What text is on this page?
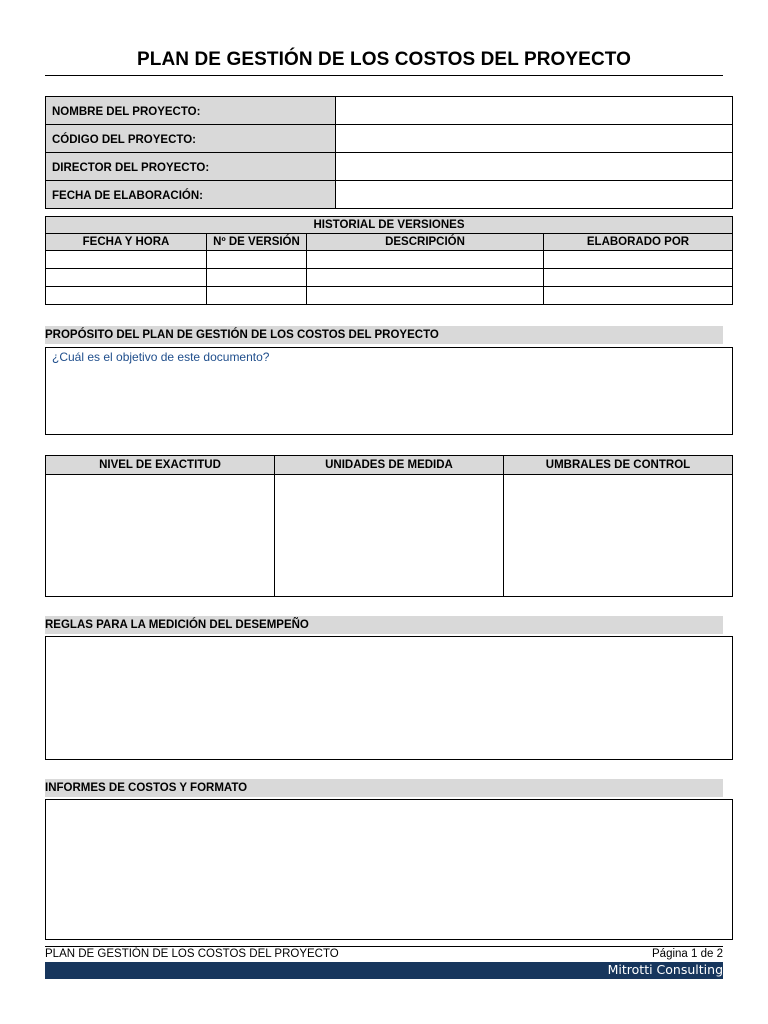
PLAN DE GESTIÓN DE LOS COSTOS DEL PROYECTO
NOMBRE DEL PROYECTO:	
CÓDIGO DEL PROYECTO:	
DIRECTOR DEL PROYECTO:	
FECHA DE ELABORACIÓN:	
HISTORIAL DE VERSIONES			
FECHA Y HORA	Nº DE VERSIÓN	DESCRIPCIÓN	ELABORADO POR

PROPÓSITO DEL PLAN DE GESTIÓN DE LOS COSTOS DEL PROYECTO
¿Cuál es el objetivo de este documento?
NIVEL DE EXACTITUD	UNIDADES DE MEDIDA	UMBRALES DE CONTROL

REGLAS PARA LA MEDICIÓN DEL DESEMPEÑO
INFORMES DE COSTOS Y FORMATO
PLAN DE GESTIÓN DE LOS COSTOS DEL PROYECTO	Página 1 de 2
Mitrotti Consulting
